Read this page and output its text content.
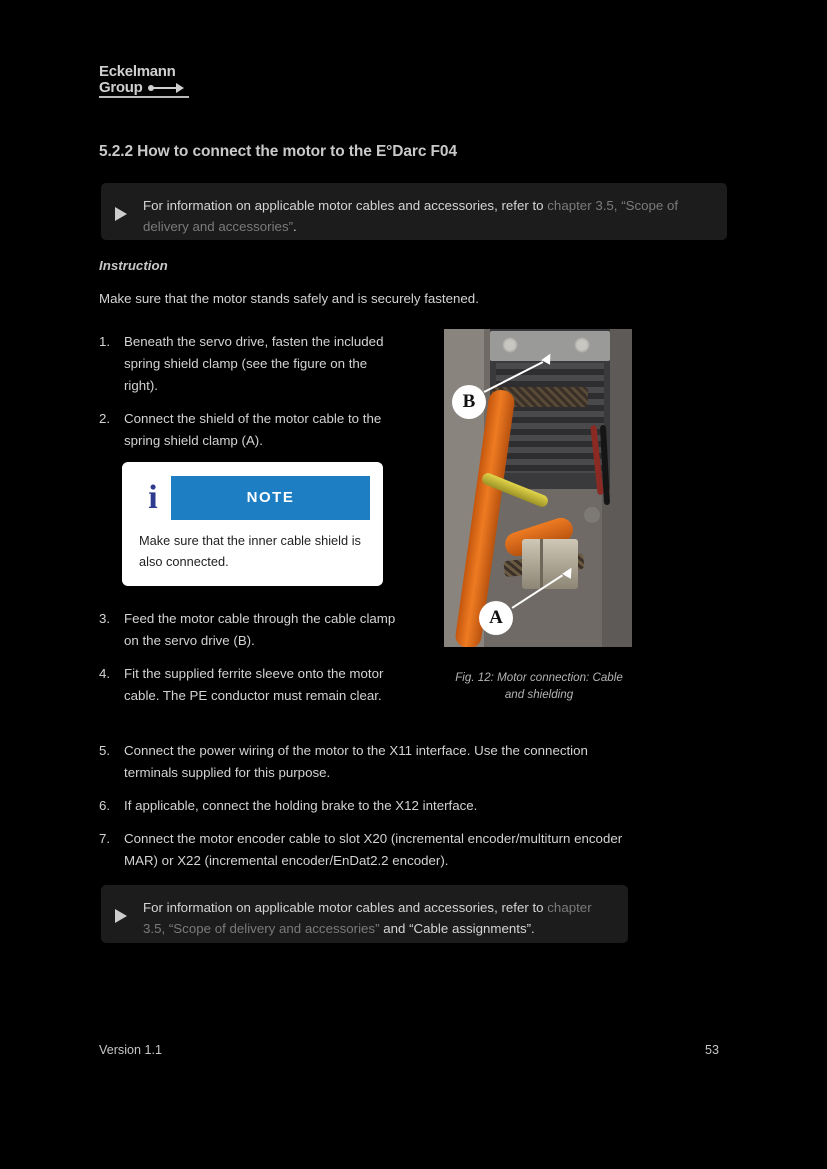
Eckelmann
Group
5.2.2 How to connect the motor to the E°Darc F04
For information on applicable motor cables and accessories, refer to chapter 3.5, “Scope of delivery and accessories”.
Instruction
Make sure that the motor stands safely and is securely fastened.
1.	Beneath the servo drive, fasten the included spring shield clamp (see the figure on the right).
2.	Connect the shield of the motor cable to the spring shield clamp (A).
3.	Feed the motor cable through the cable clamp on the servo drive (B).
4.	Fit the supplied ferrite sleeve onto the motor cable. The PE conductor must remain clear.
5.	Connect the power wiring of the motor to the X11 interface. Use the connection terminals supplied for this purpose.
6.	If applicable, connect the holding brake to the X12 interface.
7.	Connect the motor encoder cable to slot X20 (incremental encoder/multiturn encoder MAR) or X22 (incremental encoder/EnDat2.2 encoder).
i	NOTE
Make sure that the inner cable shield is also connected.
B
A
Fig. 12: Motor connection: Cable and shielding
For information on applicable motor cables and accessories, refer to chapter 3.5, “Scope of delivery and accessories” and “Cable assignments”.
Version 1.1	53
